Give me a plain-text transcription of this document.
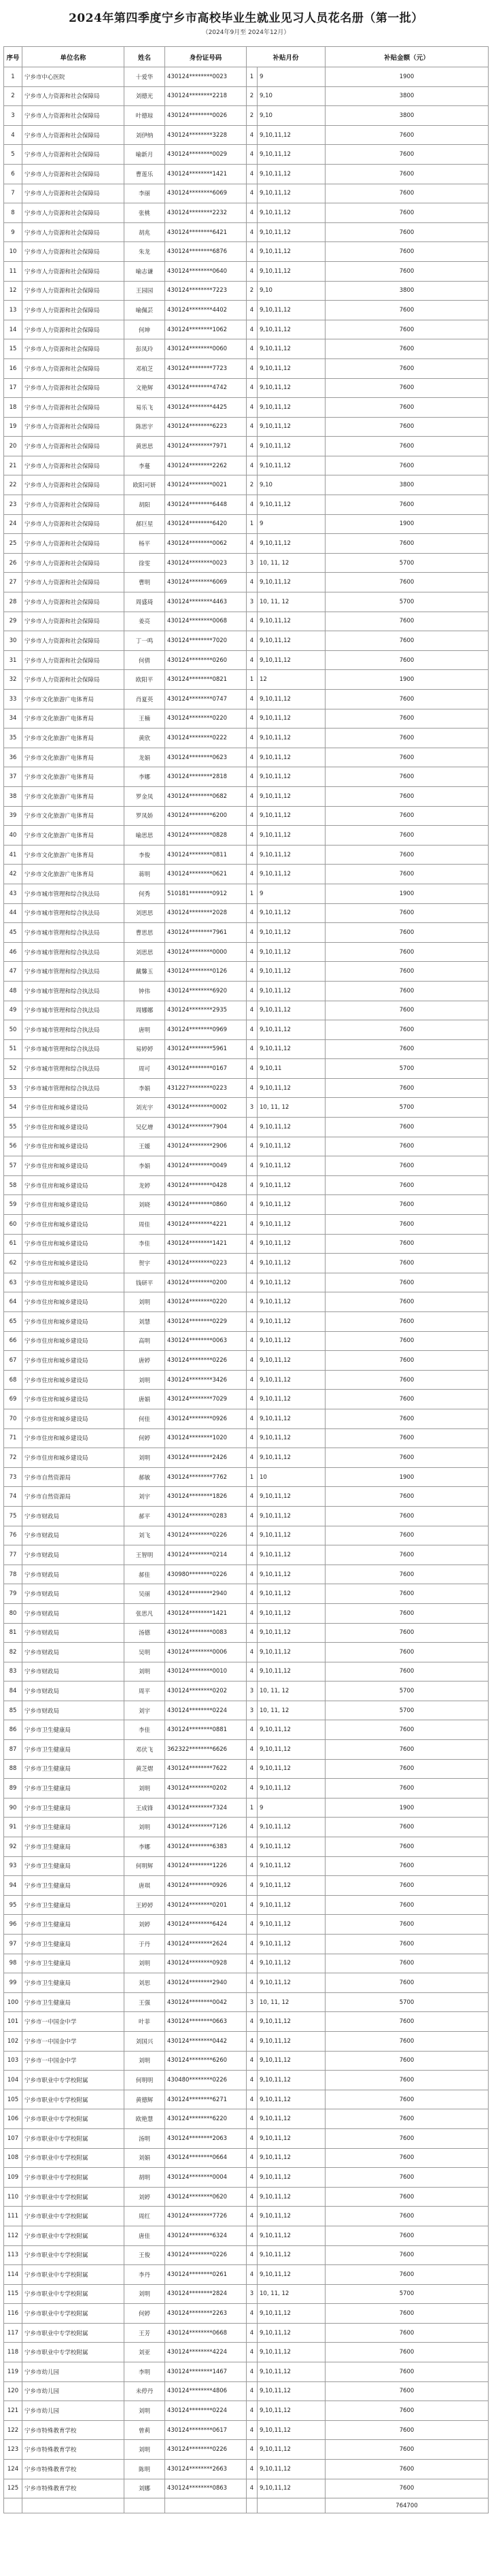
2024年第四季度宁乡市高校毕业生就业见习人员花名册（第一批）
（2024年9月至 2024年12月）
序号	单位名称	姓名	身份证号码	补贴月份		补贴金额（元）
1	宁乡市中心医院	十爱华	430124********0023	1	9	1900
2	宁乡市人力资源和社会保障局	刘德光	430124********2218	2	9,10	3800
3	宁乡市人力资源和社会保障局	叶德琼	430124********0026	2	9,10	3800
4	宁乡市人力资源和社会保障局	刘伊纳	430124********3228	4	9,10,11,12	7600
5	宁乡市人力资源和社会保障局	喻新月	430124********0029	4	9,10,11,12	7600
6	宁乡市人力资源和社会保障局	曹莲乐	430124********1421	4	9,10,11,12	7600
7	宁乡市人力资源和社会保障局	李丽	430124********6069	4	9,10,11,12	7600
8	宁乡市人力资源和社会保障局	张桃	430124********2232	4	9,10,11,12	7600
9	宁乡市人力资源和社会保障局	胡兆	430124********6421	4	9,10,11,12	7600
10	宁乡市人力资源和社会保障局	朱龙	430124********6876	4	9,10,11,12	7600
11	宁乡市人力资源和社会保障局	喻志谦	430124********0640	4	9,10,11,12	7600
12	宁乡市人力资源和社会保障局	王园园	430124********7223	2	9,10	3800
13	宁乡市人力资源和社会保障局	喻佩芸	430124********4402	4	9,10,11,12	7600
14	宁乡市人力资源和社会保障局	何坤	430124********1062	4	9,10,11,12	7600
15	宁乡市人力资源和社会保障局	彭凤玲	430124********0060	4	9,10,11,12	7600
16	宁乡市人力资源和社会保障局	邓柏芝	430124********7723	4	9,10,11,12	7600
17	宁乡市人力资源和社会保障局	文艳辉	430124********4742	4	9,10,11,12	7600
18	宁乡市人力资源和社会保障局	易乐飞	430124********4425	4	9,10,11,12	7600
19	宁乡市人力资源和社会保障局	陈思宇	430124********6223	4	9,10,11,12	7600
20	宁乡市人力资源和社会保障局	黄思思	430124********7971	4	9,10,11,12	7600
21	宁乡市人力资源和社会保障局	李蔓	430124********2262	4	9,10,11,12	7600
22	宁乡市人力资源和社会保障局	欧阳可妍	430124********0021	2	9,10	3800
23	宁乡市人力资源和社会保障局	胡阳	430124********6448	4	9,10,11,12	7600
24	宁乡市人力资源和社会保障局	郝巨星	430124********6420	1	9	1900
25	宁乡市人力资源和社会保障局	杨平	430124********0062	4	9,10,11,12	7600
26	宁乡市人力资源和社会保障局	徐雯	430124********0023	3	10, 11, 12	5700
27	宁乡市人力资源和社会保障局	曹明	430124********6069	4	9,10,11,12	7600
28	宁乡市人力资源和社会保障局	周盛琦	430124********4463	3	10, 11, 12	5700
29	宁乡市人力资源和社会保障局	姜亮	430124********0068	4	9,10,11,12	7600
30	宁乡市人力资源和社会保障局	丁一鸣	430124********7020	4	9,10,11,12	7600
31	宁乡市人力资源和社会保障局	何倩	430124********0260	4	9,10,11,12	7600
32	宁乡市人力资源和社会保障局	欧阳平	430124********0821	1	12	1900
33	宁乡市文化旅游广电体育局	肖夏英	430124********0747	4	9,10,11,12	7600
34	宁乡市文化旅游广电体育局	王楠	430124********0220	4	9,10,11,12	7600
35	宁乡市文化旅游广电体育局	黄欣	430124********0222	4	9,10,11,12	7600
36	宁乡市文化旅游广电体育局	龙娟	430124********0623	4	9,10,11,12	7600
37	宁乡市文化旅游广电体育局	李娜	430124********2818	4	9,10,11,12	7600
38	宁乡市文化旅游广电体育局	罗金凤	430124********0682	4	9,10,11,12	7600
39	宁乡市文化旅游广电体育局	罗凤娇	430124********6200	4	9,10,11,12	7600
40	宁乡市文化旅游广电体育局	喻思思	430124********0828	4	9,10,11,12	7600
41	宁乡市文化旅游广电体育局	李俊	430124********0811	4	9,10,11,12	7600
42	宁乡市文化旅游广电体育局	蒋明	430124********0621	4	9,10,11,12	7600
43	宁乡市城市管理和综合执法局	何秀	510181********0912	1	9	1900
44	宁乡市城市管理和综合执法局	刘思思	430124********2028	4	9,10,11,12	7600
45	宁乡市城市管理和综合执法局	曹思思	430124********7961	4	9,10,11,12	7600
46	宁乡市城市管理和综合执法局	刘思思	430124********0000	4	9,10,11,12	7600
47	宁乡市城市管理和综合执法局	戴馨玉	430124********0126	4	9,10,11,12	7600
48	宁乡市城市管理和综合执法局	钟伟	430124********6920	4	9,10,11,12	7600
49	宁乡市城市管理和综合执法局	周娜娜	430124********2935	4	9,10,11,12	7600
50	宁乡市城市管理和综合执法局	唐明	430124********0969	4	9,10,11,12	7600
51	宁乡市城市管理和综合执法局	易婷婷	430124********5961	4	9,10,11,12	7600
52	宁乡市城市管理和综合执法局	周可	430124********0167	4	9,10,11	5700
53	宁乡市城市管理和综合执法局	李娟	431227********0223	4	9,10,11,12	7600
54	宁乡市住房和城乡建设局	刘光宇	430124********0002	3	10, 11, 12	5700
55	宁乡市住房和城乡建设局	吴亿增	430124********7904	4	9,10,11,12	7600
56	宁乡市住房和城乡建设局	王媛	430124********2906	4	9,10,11,12	7600
57	宁乡市住房和城乡建设局	李娟	430124********0049	4	9,10,11,12	7600
58	宁乡市住房和城乡建设局	龙婷	430124********0428	4	9,10,11,12	7600
59	宁乡市住房和城乡建设局	刘晓	430124********0860	4	9,10,11,12	7600
60	宁乡市住房和城乡建设局	周佳	430124********4221	4	9,10,11,12	7600
61	宁乡市住房和城乡建设局	李佳	430124********1421	4	9,10,11,12	7600
62	宁乡市住房和城乡建设局	贺宇	430124********0223	4	9,10,11,12	7600
63	宁乡市住房和城乡建设局	钱研平	430124********0200	4	9,10,11,12	7600
64	宁乡市住房和城乡建设局	刘明	430124********0220	4	9,10,11,12	7600
65	宁乡市住房和城乡建设局	刘慧	430124********0229	4	9,10,11,12	7600
66	宁乡市住房和城乡建设局	高明	430124********0063	4	9,10,11,12	7600
67	宁乡市住房和城乡建设局	唐婷	430124********0226	4	9,10,11,12	7600
68	宁乡市住房和城乡建设局	刘明	430124********3426	4	9,10,11,12	7600
69	宁乡市住房和城乡建设局	唐娟	430124********7029	4	9,10,11,12	7600
70	宁乡市住房和城乡建设局	何佳	430124********0926	4	9,10,11,12	7600
71	宁乡市住房和城乡建设局	何婷	430124********1020	4	9,10,11,12	7600
72	宁乡市住房和城乡建设局	刘明	430124********2426	4	9,10,11,12	7600
73	宁乡市自然资源局	郝敏	430124********7762	1	10	1900
74	宁乡市自然资源局	刘宇	430124********1826	4	9,10,11,12	7600
75	宁乡市财政局	郝平	430124********0283	4	9,10,11,12	7600
76	宁乡市财政局	刘飞	430124********0226	4	9,10,11,12	7600
77	宁乡市财政局	王智明	430124********0214	4	9,10,11,12	7600
78	宁乡市财政局	郝佳	430980********0226	4	9,10,11,12	7600
79	宁乡市财政局	吴丽	430124********2940	4	9,10,11,12	7600
80	宁乡市财政局	张思凡	430124********1421	4	9,10,11,12	7600
81	宁乡市财政局	汤德	430124********0083	4	9,10,11,12	7600
82	宁乡市财政局	吴明	430124********0006	4	9,10,11,12	7600
83	宁乡市财政局	刘明	430124********0010	4	9,10,11,12	7600
84	宁乡市财政局	周平	430124********0202	3	10, 11, 12	5700
85	宁乡市财政局	刘宇	430124********0224	3	10, 11, 12	5700
86	宁乡市卫生健康局	李佳	430124********0881	4	9,10,11,12	7600
87	宁乡市卫生健康局	邓伏飞	362322********6626	4	9,10,11,12	7600
88	宁乡市卫生健康局	黄芝熠	430124********7622	4	9,10,11,12	7600
89	宁乡市卫生健康局	刘明	430124********0202	4	9,10,11,12	7600
90	宁乡市卫生健康局	王成锋	430124********7324	1	9	1900
91	宁乡市卫生健康局	刘明	430124********7126	4	9,10,11,12	7600
92	宁乡市卫生健康局	李娜	430124********6383	4	9,10,11,12	7600
93	宁乡市卫生健康局	何明辉	430124********1226	4	9,10,11,12	7600
94	宁乡市卫生健康局	唐琪	430124********0926	4	9,10,11,12	7600
95	宁乡市卫生健康局	王婷婷	430124********0201	4	9,10,11,12	7600
96	宁乡市卫生健康局	刘婷	430124********6424	4	9,10,11,12	7600
97	宁乡市卫生健康局	于丹	430124********2624	4	9,10,11,12	7600
98	宁乡市卫生健康局	刘明	430124********0928	4	9,10,11,12	7600
99	宁乡市卫生健康局	刘思	430124********2940	4	9,10,11,12	7600
100	宁乡市卫生健康局	王强	430124********0042	3	10, 11, 12	5700
101	宁乡市一中国金中学	叶菲	430124********0663	4	9,10,11,12	7600
102	宁乡市一中国金中学	刘国兴	430124********0442	4	9,10,11,12	7600
103	宁乡市一中国金中学	刘明	430124********6260	4	9,10,11,12	7600
104	宁乡市职业中专学校附属	何明明	430480********0226	4	9,10,11,12	7600
105	宁乡市职业中专学校附属	黄德辉	430124********6271	4	9,10,11,12	7600
106	宁乡市职业中专学校附属	欧艳慧	430124********6220	4	9,10,11,12	7600
107	宁乡市职业中专学校附属	汤明	430124********2063	4	9,10,11,12	7600
108	宁乡市职业中专学校附属	刘娟	430124********0664	4	9,10,11,12	7600
109	宁乡市职业中专学校附属	胡明	430124********0004	4	9,10,11,12	7600
110	宁乡市职业中专学校附属	刘婷	430124********0620	4	9,10,11,12	7600
111	宁乡市职业中专学校附属	周红	430124********7726	4	9,10,11,12	7600
112	宁乡市职业中专学校附属	唐佳	430124********6324	4	9,10,11,12	7600
113	宁乡市职业中专学校附属	王俊	430124********0226	4	9,10,11,12	7600
114	宁乡市职业中专学校附属	李丹	430124********0261	4	9,10,11,12	7600
115	宁乡市职业中专学校附属	刘明	430124********2824	3	10, 11, 12	5700
116	宁乡市职业中专学校附属	何婷	430124********2263	4	9,10,11,12	7600
117	宁乡市职业中专学校附属	王芳	430124********0668	4	9,10,11,12	7600
118	宁乡市职业中专学校附属	刘亚	430124********4224	4	9,10,11,12	7600
119	宁乡市幼儿园	李明	430124********1467	4	9,10,11,12	7600
120	宁乡市幼儿园	未停丹	430124********4806	4	9,10,11,12	7600
121	宁乡市幼儿园	刘明	430124********0224	4	9,10,11,12	7600
122	宁乡市特殊教育学校	曾莉	430124********0617	4	9,10,11,12	7600
123	宁乡市特殊教育学校	刘明	430124********0226	4	9,10,11,12	7600
124	宁乡市特殊教育学校	陈明	430124********2663	4	9,10,11,12	7600
125	宁乡市特殊教育学校	刘娜	430124********0863	4	9,10,11,12	7600
						764700
